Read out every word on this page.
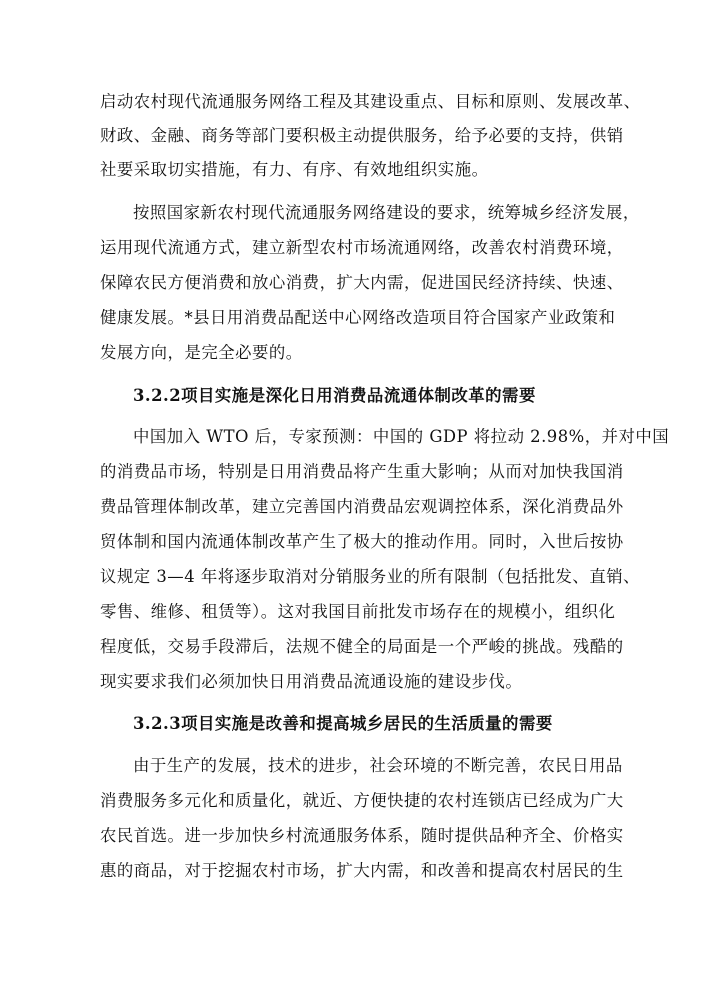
启动农村现代流通服务网络工程及其建设重点、目标和原则、发展改革、
财政、金融、商务等部门要积极主动提供服务，给予必要的支持，供销
社要采取切实措施，有力、有序、有效地组织实施。
按照国家新农村现代流通服务网络建设的要求，统筹城乡经济发展，
运用现代流通方式，建立新型农村市场流通网络，改善农村消费环境，
保障农民方便消费和放心消费，扩大内需，促进国民经济持续、快速、
健康发展。*县日用消费品配送中心网络改造项目符合国家产业政策和
发展方向，是完全必要的。
3.2.2项目实施是深化日用消费品流通体制改革的需要
中国加入 WTO 后，专家预测：中国的 GDP 将拉动 2.98%，并对中国
的消费品市场，特别是日用消费品将产生重大影响；从而对加快我国消
费品管理体制改革，建立完善国内消费品宏观调控体系，深化消费品外
贸体制和国内流通体制改革产生了极大的推动作用。同时，入世后按协
议规定 3—4 年将逐步取消对分销服务业的所有限制（包括批发、直销、
零售、维修、租赁等）。这对我国目前批发市场存在的规模小，组织化
程度低，交易手段滞后，法规不健全的局面是一个严峻的挑战。残酷的
现实要求我们必须加快日用消费品流通设施的建设步伐。
3.2.3项目实施是改善和提高城乡居民的生活质量的需要
由于生产的发展，技术的进步，社会环境的不断完善，农民日用品
消费服务多元化和质量化，就近、方便快捷的农村连锁店已经成为广大
农民首选。进一步加快乡村流通服务体系，随时提供品种齐全、价格实
惠的商品，对于挖掘农村市场，扩大内需，和改善和提高农村居民的生
